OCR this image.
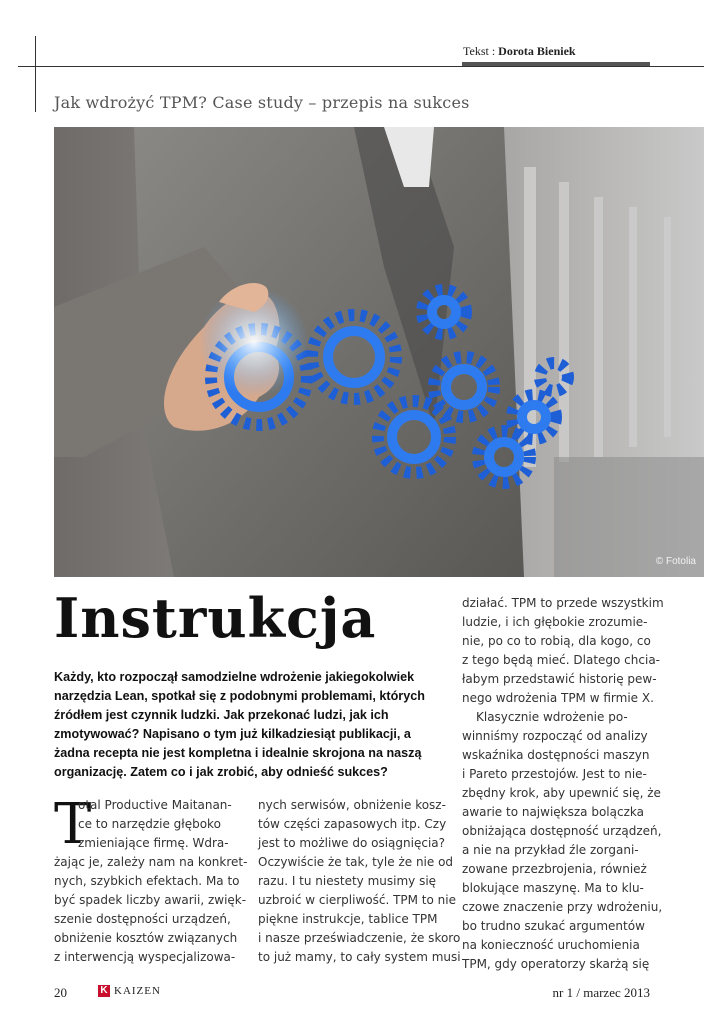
Tekst : Dorota Bieniek
Jak wdrożyć TPM? Case study – przepis na sukces
© Fotolia
Instrukcja
Każdy, kto rozpoczął samodzielne wdrożenie jakiegokolwiek narzędzia Lean, spotkał się z podobnymi problemami, których źródłem jest czynnik ludzki. Jak przekonać ludzi, jak ich zmotywować? Napisano o tym już kilkadziesiąt publikacji, a żadna recepta nie jest kompletna i idealnie skrojona na naszą organizację. Zatem co i jak zrobić, aby odnieść sukces?
T
otal Productive Maitanan-
ce to narzędzie głęboko
zmieniające firmę. Wdra-
żając je, zależy nam na konkret-
nych, szybkich efektach. Ma to
być spadek liczby awarii, zwięk-
szenie dostępności urządzeń,
obniżenie kosztów związanych
z interwencją wyspecjalizowa-
nych serwisów, obniżenie kosz-
tów części zapasowych itp. Czy
jest to możliwe do osiągnięcia?
Oczywiście że tak, tyle że nie od
razu. I tu niestety musimy się
uzbroić w cierpliwość. TPM to nie
piękne instrukcje, tablice TPM
i nasze przeświadczenie, że skoro
to już mamy, to cały system musi
działać. TPM to przede wszystkim
ludzie, i ich głębokie zrozumie-
nie, po co to robią, dla kogo, co
z tego będą mieć. Dlatego chcia-
łabym przedstawić historię pew-
nego wdrożenia TPM w firmie X.
Klasycznie wdrożenie po-
winniśmy rozpocząć od analizy
wskaźnika dostępności maszyn
i Pareto przestojów. Jest to nie-
zbędny krok, aby upewnić się, że
awarie to największa bolączka
obniżająca dostępność urządzeń,
a nie na przykład źle zorgani-
zowane przezbrojenia, również
blokujące maszynę. Ma to klu-
czowe znaczenie przy wdrożeniu,
bo trudno szukać argumentów
na konieczność uruchomienia
TPM, gdy operatorzy skarżą się
20	K KAIZEN	nr 1 / marzec 2013
